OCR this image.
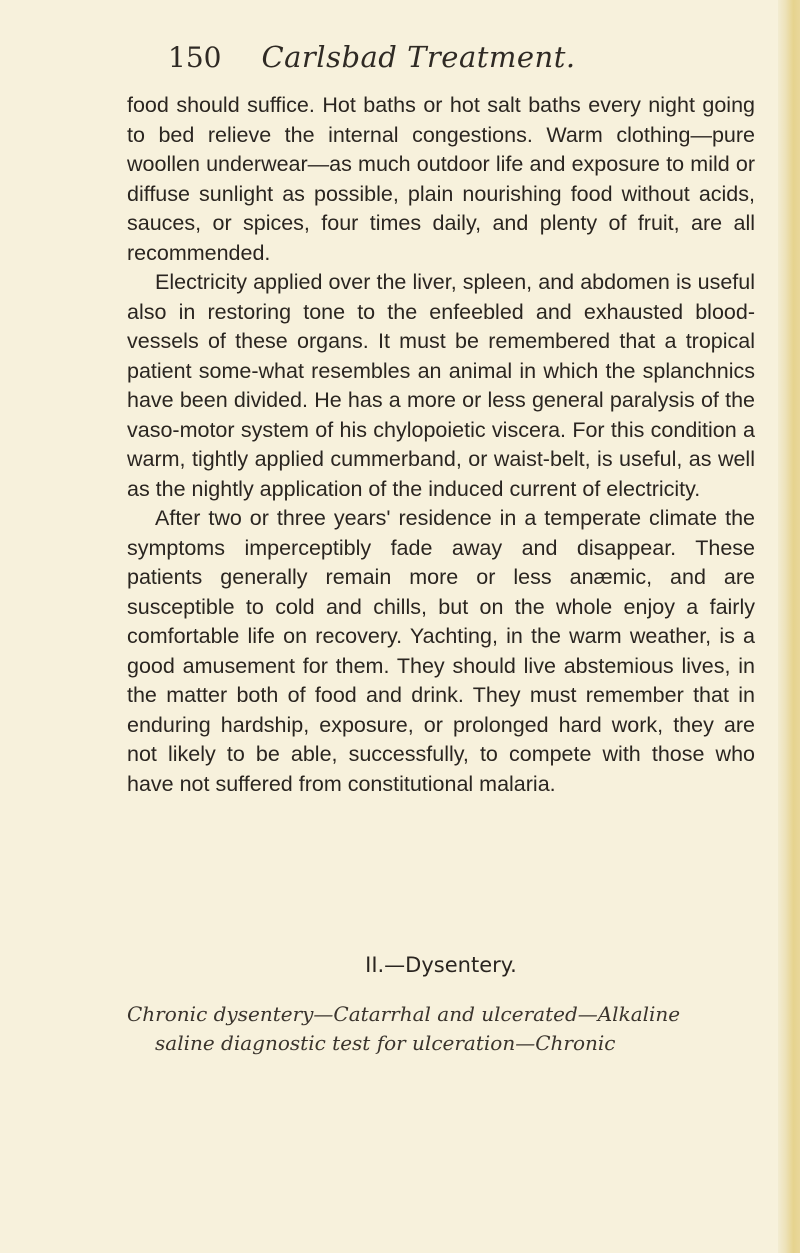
150 Carlsbad Treatment.

food should suffice. Hot baths or hot salt baths every night going to bed relieve the internal congestions. Warm clothing—pure woollen underwear—as much outdoor life and exposure to mild or diffuse sunlight as possible, plain nourishing food without acids, sauces, or spices, four times daily, and plenty of fruit, are all recommended.

Electricity applied over the liver, spleen, and abdomen is useful also in restoring tone to the enfeebled and exhausted blood-vessels of these organs. It must be remembered that a tropical patient some-what resembles an animal in which the splanchnics have been divided. He has a more or less general paralysis of the vaso-motor system of his chylopoietic viscera. For this condition a warm, tightly applied cummerband, or waist-belt, is useful, as well as the nightly application of the induced current of electricity.

After two or three years' residence in a temperate climate the symptoms imperceptibly fade away and disappear. These patients generally remain more or less anæmic, and are susceptible to cold and chills, but on the whole enjoy a fairly comfortable life on recovery. Yachting, in the warm weather, is a good amusement for them. They should live abstemious lives, in the matter both of food and drink. They must remember that in enduring hardship, exposure, or prolonged hard work, they are not likely to be able, successfully, to compete with those who have not suffered from constitutional malaria.

II.—Dysentery.
Chronic dysentery—Catarrhal and ulcerated—Alkaline
saline diagnostic test for ulceration—Chronic
